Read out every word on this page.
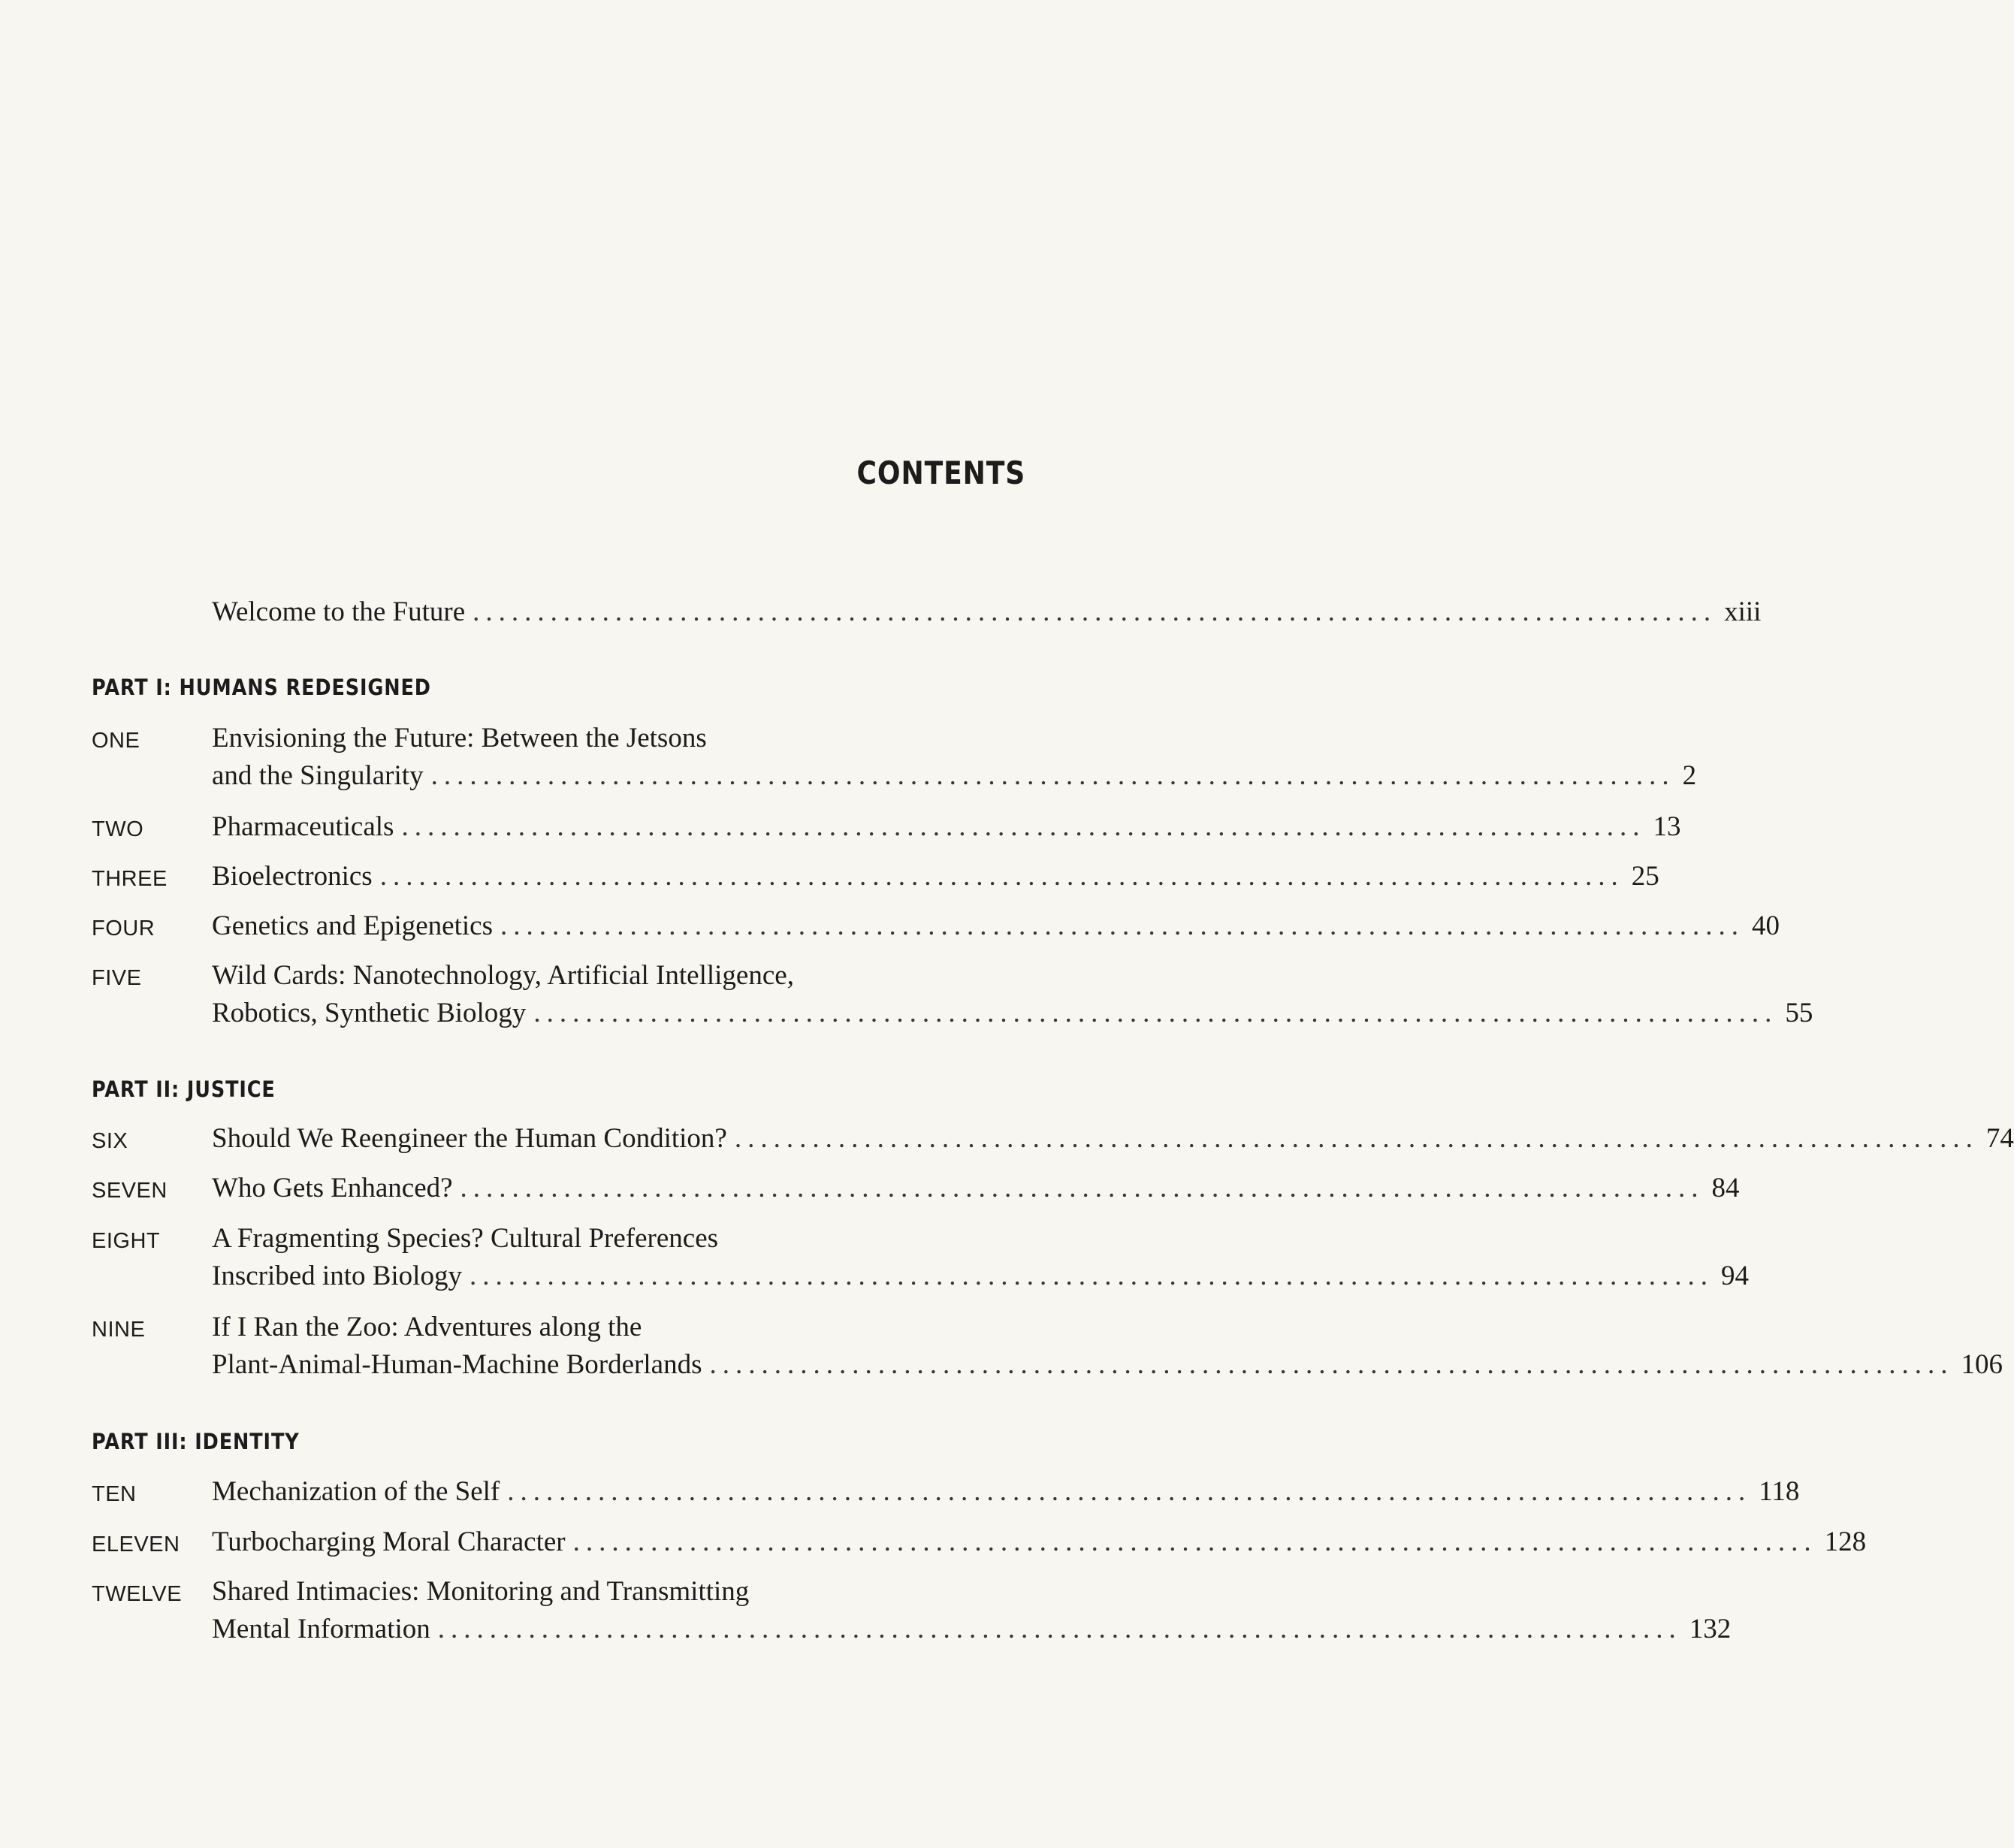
CONTENTS
Welcome to the Future ................................................................................................ xiii
PART I: HUMANS REDESIGNED
ONE	Envisioning the Future: Between the Jetsons
and the Singularity ................................................................................................ 2
TWO Pharmaceuticals ................................................................................................ 13
THREE Bioelectronics ................................................................................................ 25
FOUR Genetics and Epigenetics ................................................................................................ 40
FIVE	Wild Cards: Nanotechnology, Artificial Intelligence,
Robotics, Synthetic Biology ................................................................................................ 55
PART II: JUSTICE
SIX	Should We Reengineer the Human Condition? ................................................................................................ 74
SEVEN Who Gets Enhanced? ................................................................................................ 84
EIGHT A Fragmenting Species? Cultural Preferences
Inscribed into Biology ................................................................................................ 94
NINE If I Ran the Zoo: Adventures along the
Plant-Animal-Human-Machine Borderlands ................................................................................................ 106
PART III: IDENTITY
TEN	Mechanization of the Self ................................................................................................ 118
ELEVEN Turbocharging Moral Character ................................................................................................ 128
TWELVE Shared Intimacies: Monitoring and Transmitting
Mental Information ................................................................................................ 132
